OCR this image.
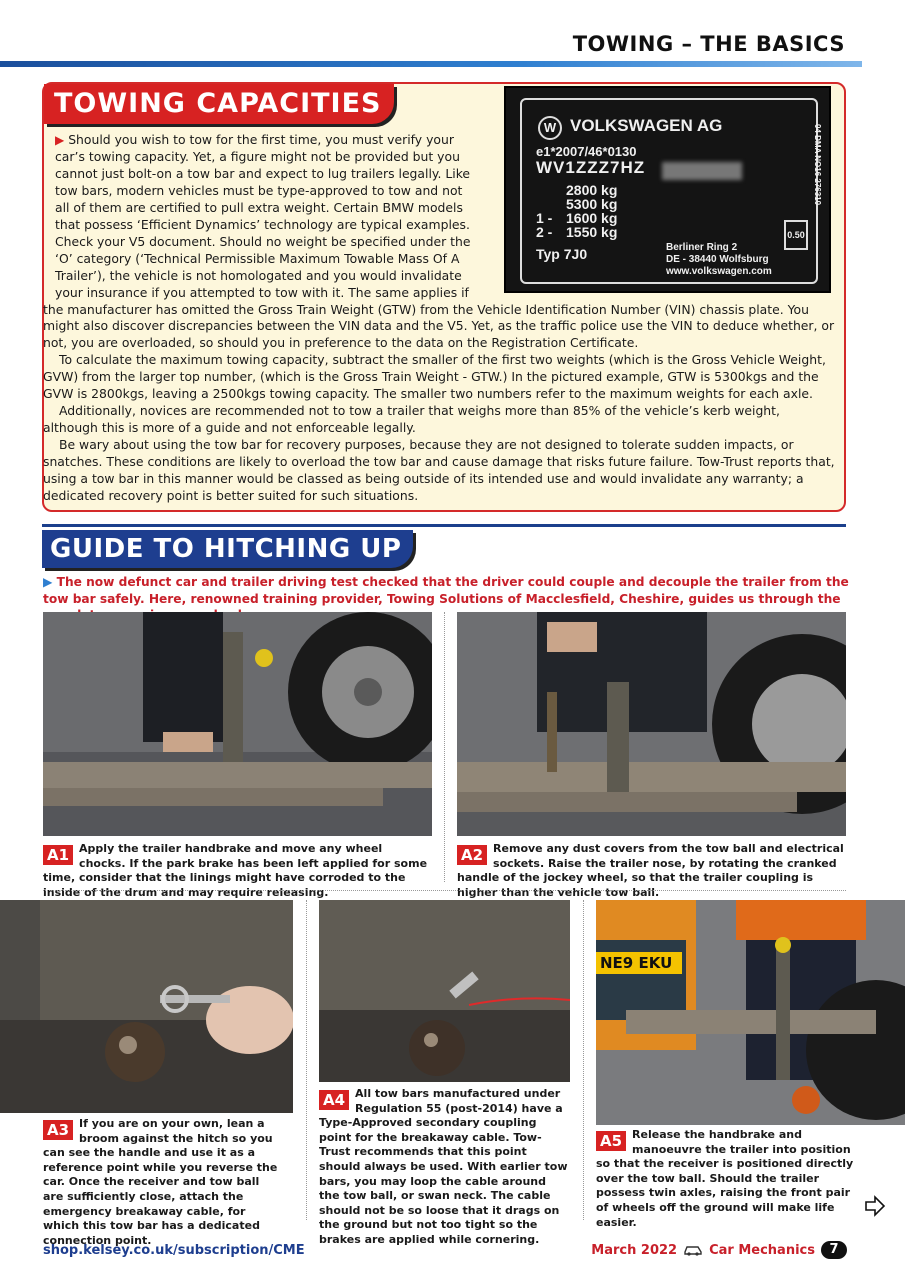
TOWING – THE BASICS
TOWING CAPACITIES
W VOLKSWAGEN AG
e1*2007/46*0130
WV1ZZZ7HZ
2800 kg
5300 kg
1 - 1600 kg
2 - 1550 kg
Typ 7J0	Berliner Ring 2
DE - 38440 Wolfsburg
www.volkswagen.com
04 DMA NO16 276310
0.50

▶ Should you wish to tow for the first time, you must verify your

car’s towing capacity. Yet, a figure might not be provided but you

cannot just bolt-on a tow bar and expect to lug trailers legally. Like

tow bars, modern vehicles must be type-approved to tow and not

all of them are certified to pull extra weight. Certain BMW models

that possess ‘Efficient Dynamics’ technology are typical examples.

Check your V5 document. Should no weight be specified under the

‘O’ category (‘Technical Permissible Maximum Towable Mass Of A

Trailer’), the vehicle is not homologated and you would invalidate

your insurance if you attempted to tow with it. The same applies if

the manufacturer has omitted the Gross Train Weight (GTW) from the Vehicle Identification Number (VIN) chassis plate. You might also discover discrepancies between the VIN data and the V5. Yet, as the traffic police use the VIN to deduce whether, or not, you are overloaded, so should you in preference to the data on the Registration Certificate.

To calculate the maximum towing capacity, subtract the smaller of the first two weights (which is the Gross Vehicle Weight, GVW) from the larger top number, (which is the Gross Train Weight - GTW.) In the pictured example, GTW is 5300kgs and the GVW is 2800kgs, leaving a 2500kgs towing capacity. The smaller two numbers refer to the maximum weights for each axle.

Additionally, novices are recommended not to tow a trailer that weighs more than 85% of the vehicle’s kerb weight, although this is more of a guide and not enforceable legally.

Be wary about using the tow bar for recovery purposes, because they are not designed to tolerate sudden impacts, or snatches. These conditions are likely to overload the tow bar and cause damage that risks future failure. Tow-Trust reports that, using a tow bar in this manner would be classed as being outside of its intended use and would invalidate any warranty; a dedicated recovery point is better suited for such situations.

GUIDE TO HITCHING UP
▶ The now defunct car and trailer driving test checked that the driver could couple and decouple the trailer from the tow bar safely. Here, renowned training provider, Towing Solutions of Macclesfield, Cheshire, guides us through the
A1 Apply the trailer handbrake and move any wheel chocks. If the park brake has been left applied for some time, consider that the linings might have corroded to the inside of the drum and may require releasing.
A2 Remove any dust covers from the tow ball and electrical sockets. Raise the trailer nose, by rotating the cranked handle of the jockey wheel, so that the trailer coupling is higher than the vehicle tow ball.
A3 If you are on your own, lean a broom against the hitch so you can see the handle and use it as a reference point while you reverse the car. Once the receiver and tow ball are sufficiently close, attach the emergency breakaway cable, for which this tow bar has a dedicated connection point.
A4 All tow bars manufactured under Regulation 55 (post-2014) have a Type-Approved secondary coupling point for the breakaway cable. Tow-Trust recommends that this point should always be used. With earlier tow bars, you may loop the cable around the tow ball, or swan neck. The cable should not be so loose that it drags on the ground but not too tight so the brakes are applied while cornering.
NE9 EKU
A5 Release the handbrake and manoeuvre the trailer into position so that the receiver is positioned directly over the tow ball. Should the trailer possess twin axles, raising the front pair of wheels off the ground will make life easier.
shop.kelsey.co.uk/subscription/CME	March 2022 Car Mechanics	7
